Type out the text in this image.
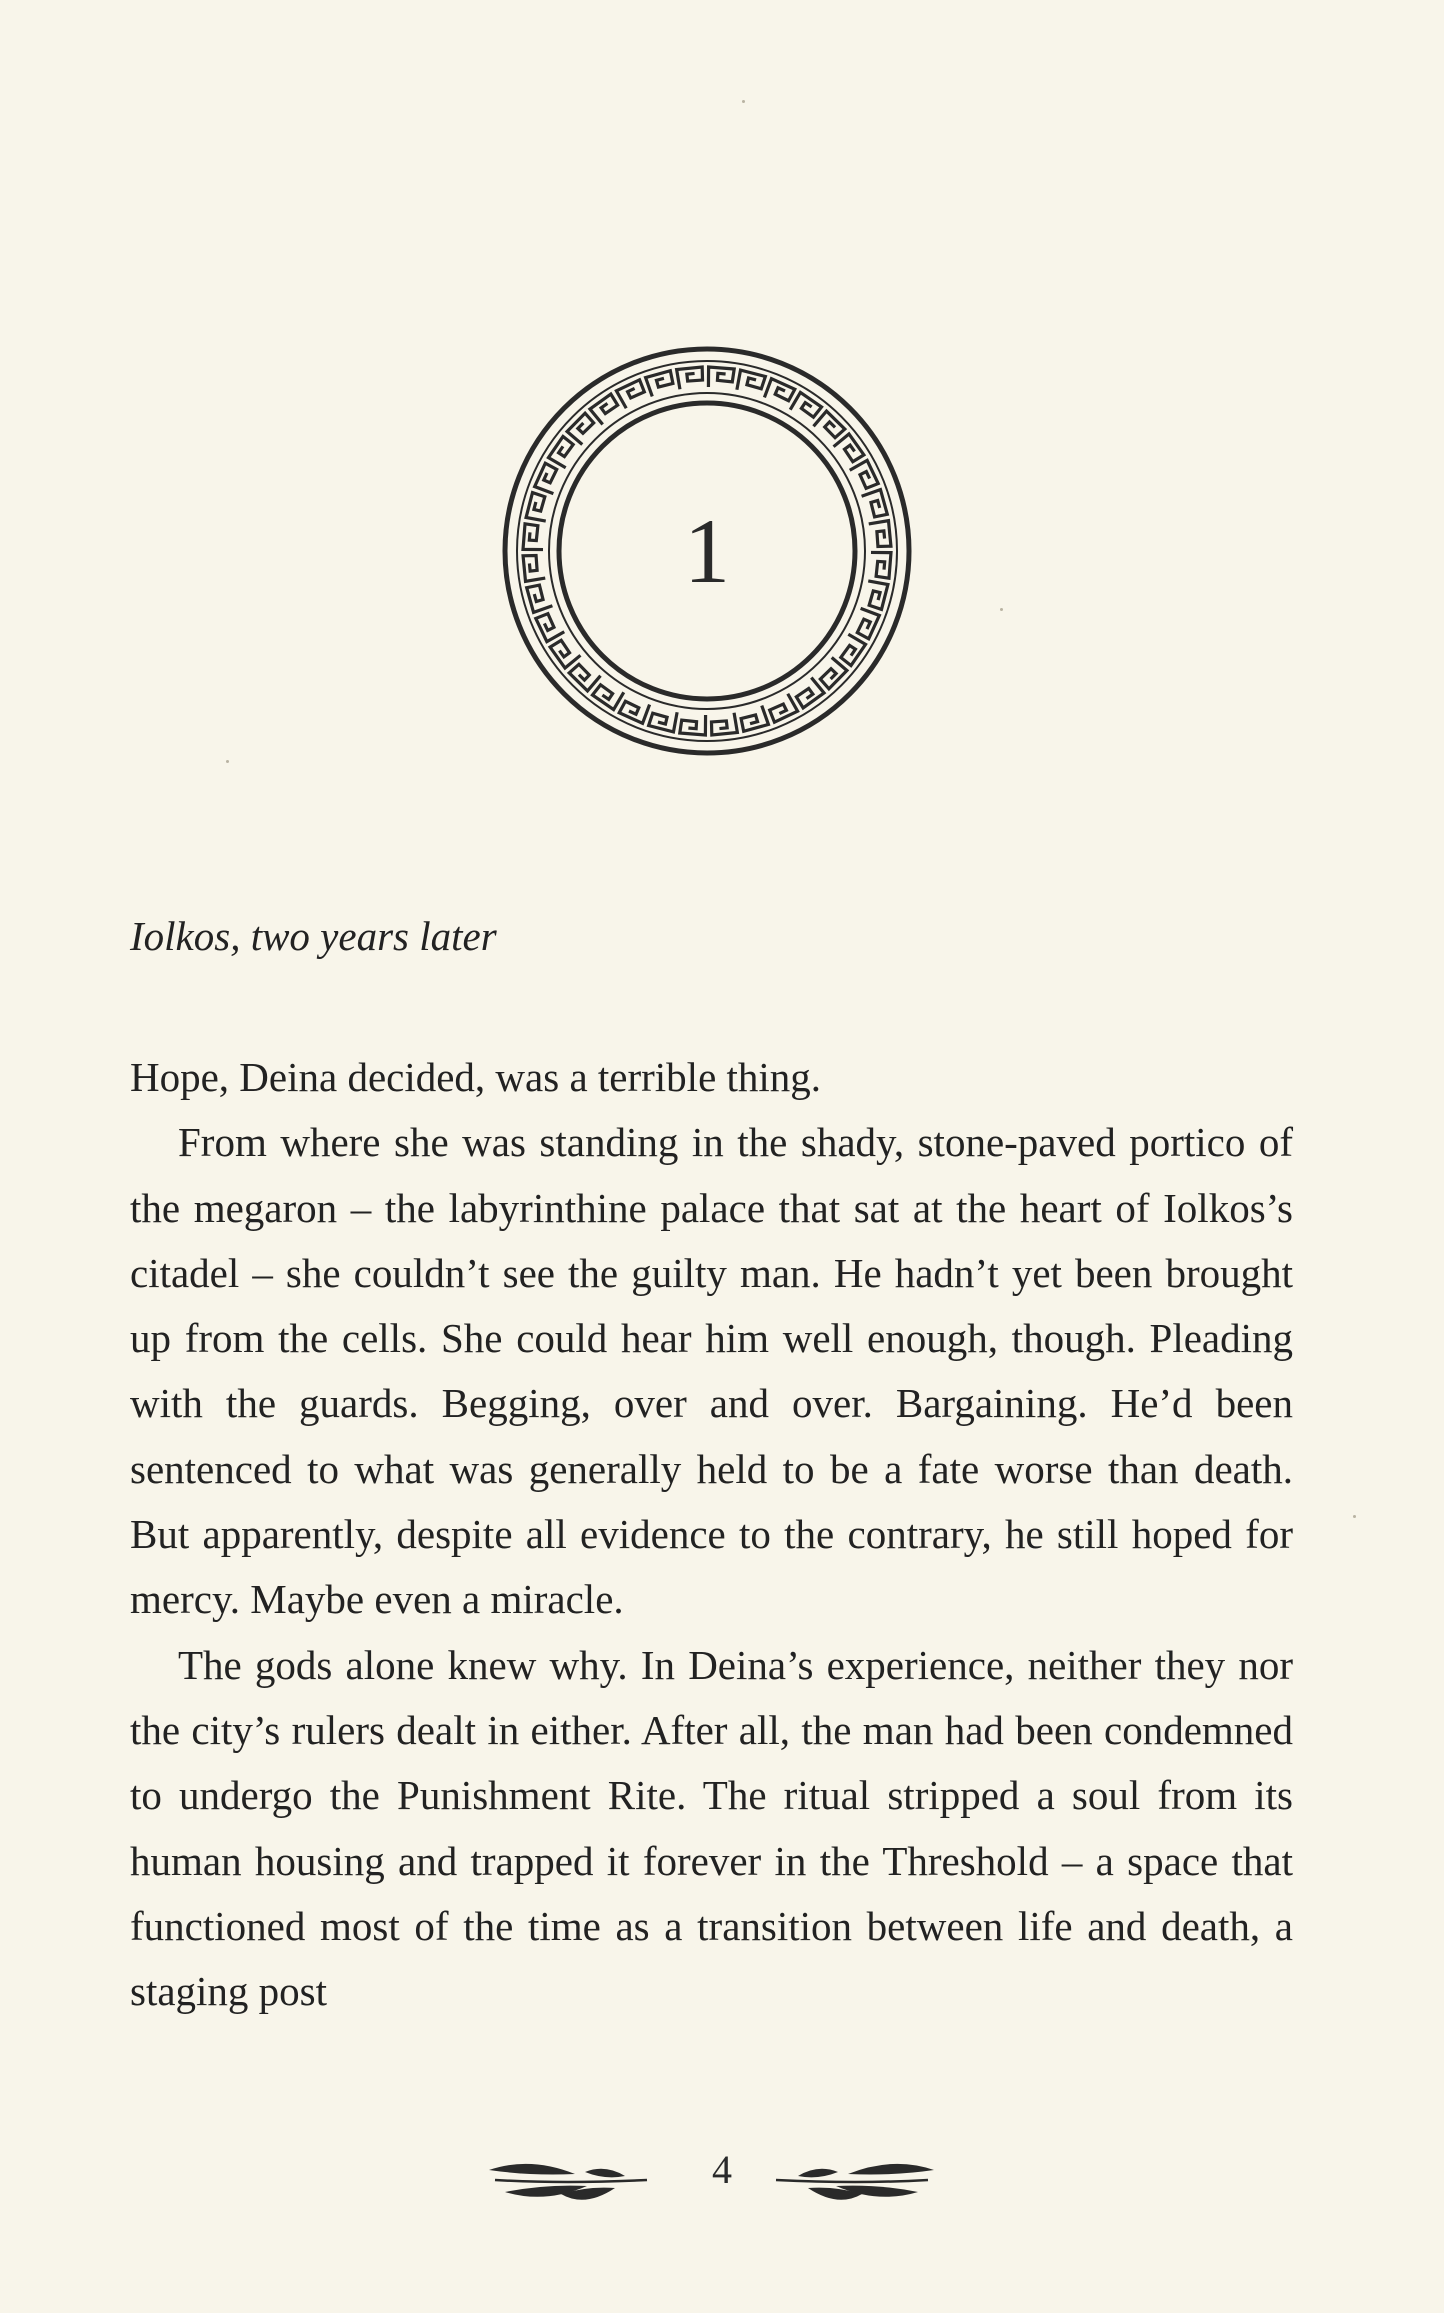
1
Iolkos, two years later

Hope, Deina decided, was a terrible thing.

From where she was standing in the shady, stone-paved portico of the megaron – the labyrinthine palace that sat at the heart of Iolkos’s citadel – she couldn’t see the guilty man. He hadn’t yet been brought up from the cells. She could hear him well enough, though. Pleading with the guards. Begging, over and over. Bargaining. He’d been sentenced to what was generally held to be a fate worse than death. But apparently, despite all evidence to the contrary, he still hoped for mercy. Maybe even a miracle.

The gods alone knew why. In Deina’s experience, neither they nor the city’s rulers dealt in either. After all, the man had been condemned to undergo the Punishment Rite. The ritual stripped a soul from its human housing and trapped it forever in the Threshold – a space that functioned most of the time as a transition between life and death, a staging post

4
